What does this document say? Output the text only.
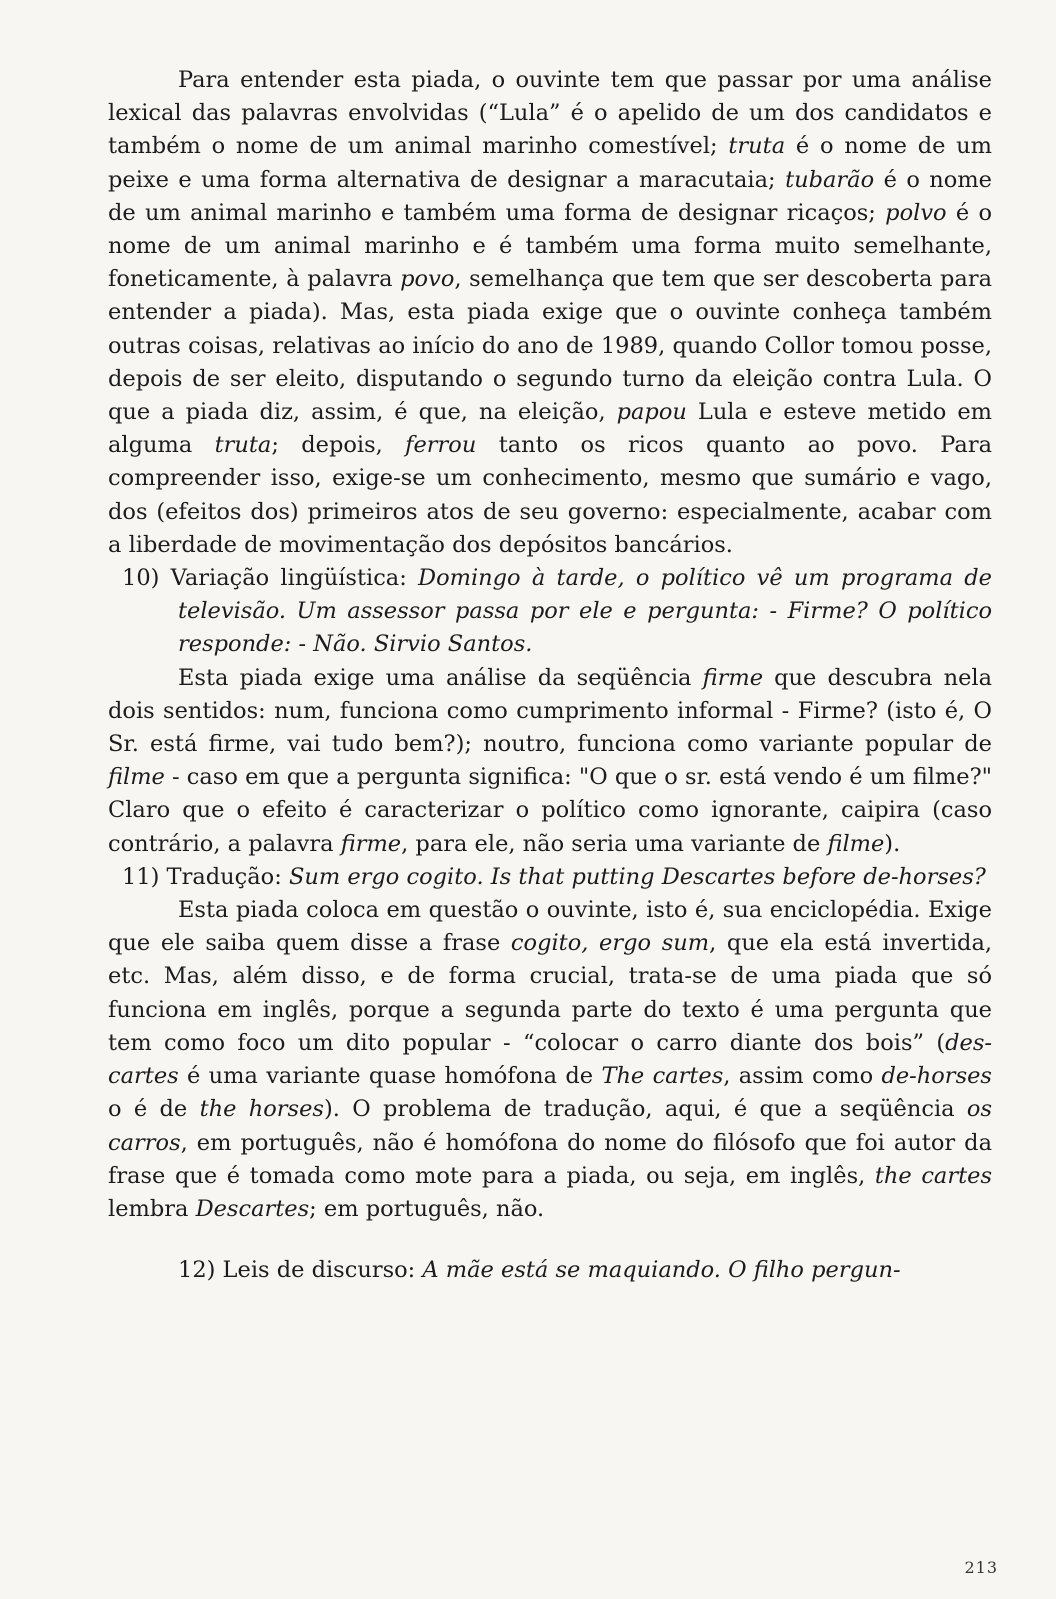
Para entender esta piada, o ouvinte tem que passar por uma análise lexical das palavras envolvidas (“Lula” é o apelido de um dos candidatos e também o nome de um animal marinho comestível; truta é o nome de um peixe e uma forma alternativa de designar a maracutaia; tubarão é o nome de um animal marinho e também uma forma de designar ricaços; polvo é o nome de um animal marinho e é também uma forma muito semelhante, foneticamente, à palavra povo, semelhança que tem que ser descoberta para entender a piada). Mas, esta piada exige que o ouvinte conheça também outras coisas, relativas ao início do ano de 1989, quando Collor tomou posse, depois de ser eleito, disputando o segundo turno da eleição contra Lula. O que a piada diz, assim, é que, na eleição, papou Lula e esteve metido em alguma truta; depois, ferrou tanto os ricos quanto ao povo. Para compreender isso, exige-se um conhecimento, mesmo que sumário e vago, dos (efeitos dos) primeiros atos de seu governo: especialmente, acabar com a liberdade de movimentação dos depósitos bancários.

10) Variação lingüística: Domingo à tarde, o político vê um programa de televisão. Um assessor passa por ele e pergunta: - Firme? O político responde: - Não. Sirvio Santos.

Esta piada exige uma análise da seqüência firme que descubra nela dois sentidos: num, funciona como cumprimento informal - Firme? (isto é, O Sr. está firme, vai tudo bem?); noutro, funciona como variante popular de filme - caso em que a pergunta significa: "O que o sr. está vendo é um filme?" Claro que o efeito é caracterizar o político como ignorante, caipira (caso contrário, a palavra firme, para ele, não seria uma variante de filme).

11) Tradução: Sum ergo cogito. Is that putting Descartes before de-horses?

Esta piada coloca em questão o ouvinte, isto é, sua enciclopédia. Exige que ele saiba quem disse a frase cogito, ergo sum, que ela está invertida, etc. Mas, além disso, e de forma crucial, trata-se de uma piada que só funciona em inglês, porque a segunda parte do texto é uma pergunta que tem como foco um dito popular - “colocar o carro diante dos bois” (des-cartes é uma variante quase homófona de The cartes, assim como de-horses o é de the horses). O problema de tradução, aqui, é que a seqüência os carros, em português, não é homófona do nome do filósofo que foi autor da frase que é tomada como mote para a piada, ou seja, em inglês, the cartes lembra Descartes; em português, não.

12) Leis de discurso: A mãe está se maquiando. O filho pergun-

213
